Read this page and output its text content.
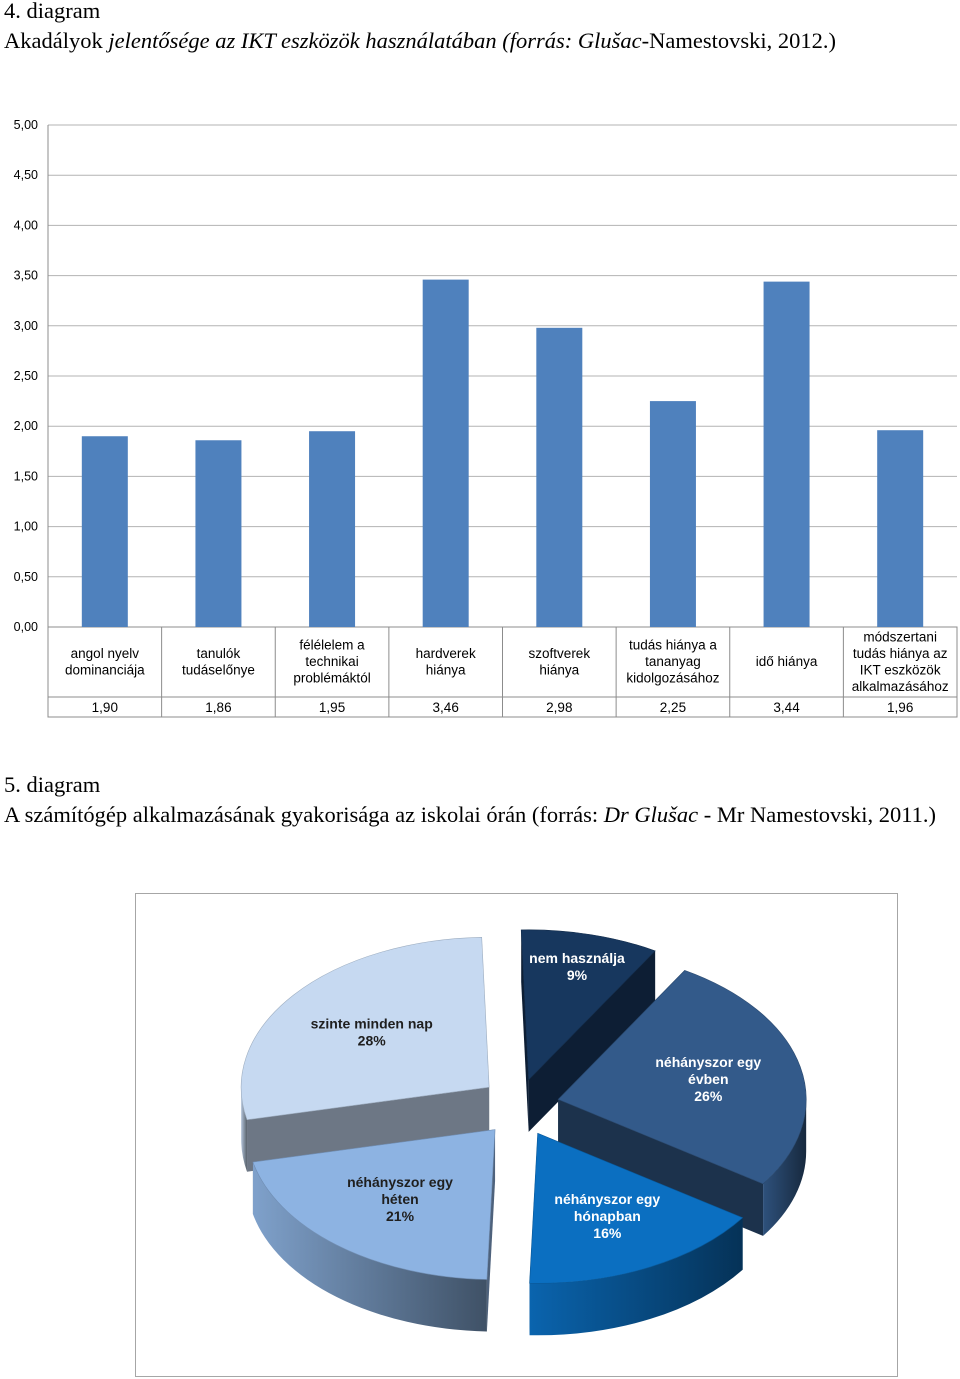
4. diagram
Akadályok jelentősége az IKT eszközök használatában (forrás: Glušac-Namestovski, 2012.)
0,00
0,50
1,00
1,50
2,00
2,50
3,00
3,50
4,00
4,50
5,00
angol nyelv dominanciája
1,90
tanulók tudáselőnye
1,86
félélelem a technikai problémáktól
1,95
hardverek hiánya
3,46
szoftverek hiánya
2,98
tudás hiánya a tananyag kidolgozásához
2,25
idő hiánya
3,44
módszertani tudás hiánya az IKT eszközök alkalmazásához
1,96
5. diagram
A számítógép alkalmazásának gyakorisága az iskolai órán (forrás: Dr Glušac - Mr Namestovski, 2011.)
nem használja 9%
néhányszor egy évben 26%
néhányszor egy hónapban 16%
néhányszor egy héten 21%
szinte minden nap 28%
